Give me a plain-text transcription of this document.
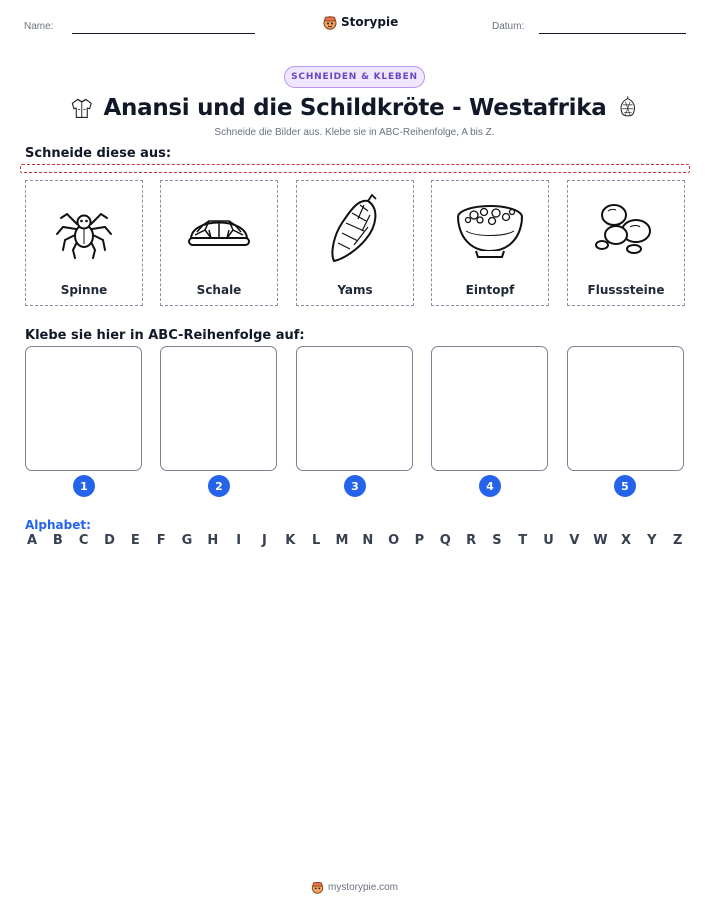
Name:	Storypie	Datum:
SCHNEIDEN & KLEBEN
Anansi und die Schildkröte - Westafrika
Schneide die Bilder aus. Klebe sie in ABC-Reihenfolge, A bis Z.
Schneide diese aus:
Spinne	Schale	Yams	Eintopf	Flusssteine
Klebe sie hier in ABC-Reihenfolge auf:
1	2	3	4	5
Alphabet:
A B C D E F G H	I	J	K L M N O P Q R S T U V W X Y Z
mystorypie.com
